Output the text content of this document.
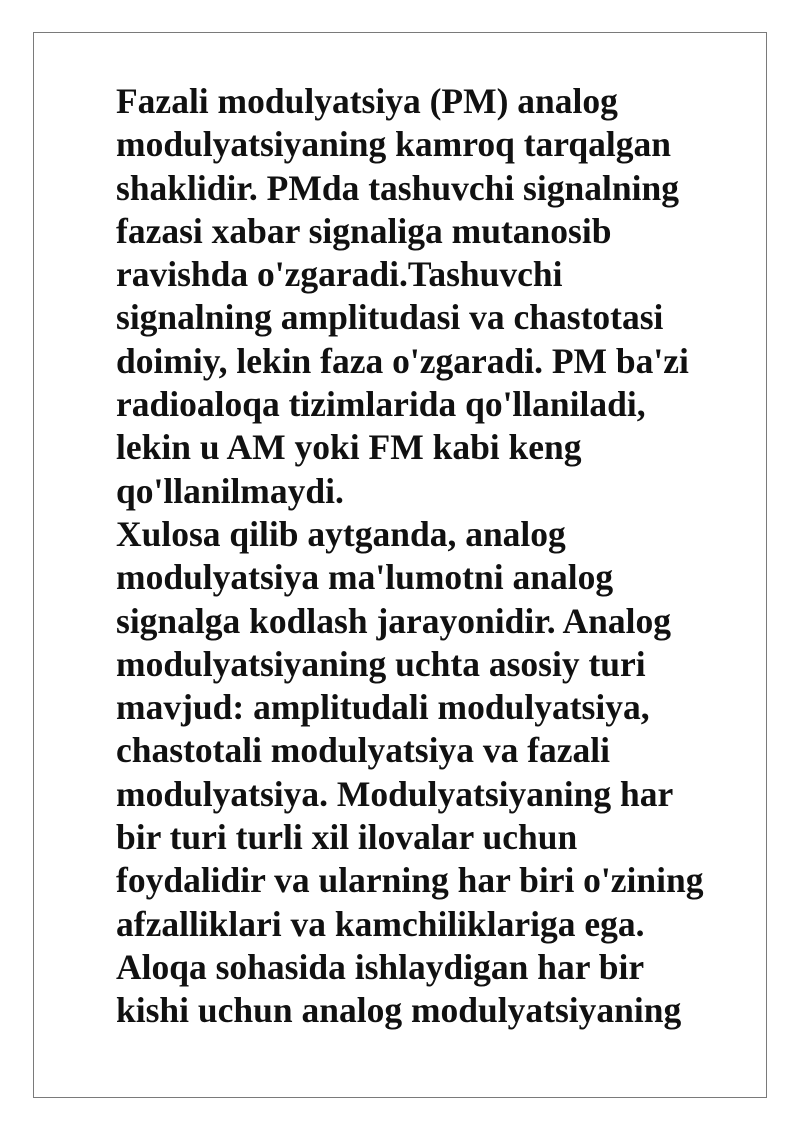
Fazali modulyatsiya (PM) analog
modulyatsiyaning kamroq tarqalgan
shaklidir. PMda tashuvchi signalning
fazasi xabar signaliga mutanosib
ravishda o'zgaradi.Tashuvchi
signalning amplitudasi va chastotasi
doimiy, lekin faza o'zgaradi. PM ba'zi
radioaloqa tizimlarida qo'llaniladi,
lekin u AM yoki FM kabi keng
qo'llanilmaydi.
Xulosa qilib aytganda, analog
modulyatsiya ma'lumotni analog
signalga kodlash jarayonidir. Analog
modulyatsiyaning uchta asosiy turi
mavjud: amplitudali modulyatsiya,
chastotali modulyatsiya va fazali
modulyatsiya. Modulyatsiyaning har
bir turi turli xil ilovalar uchun
foydalidir va ularning har biri o'zining
afzalliklari va kamchiliklariga ega.
Aloqa sohasida ishlaydigan har bir
kishi uchun analog modulyatsiyaning
